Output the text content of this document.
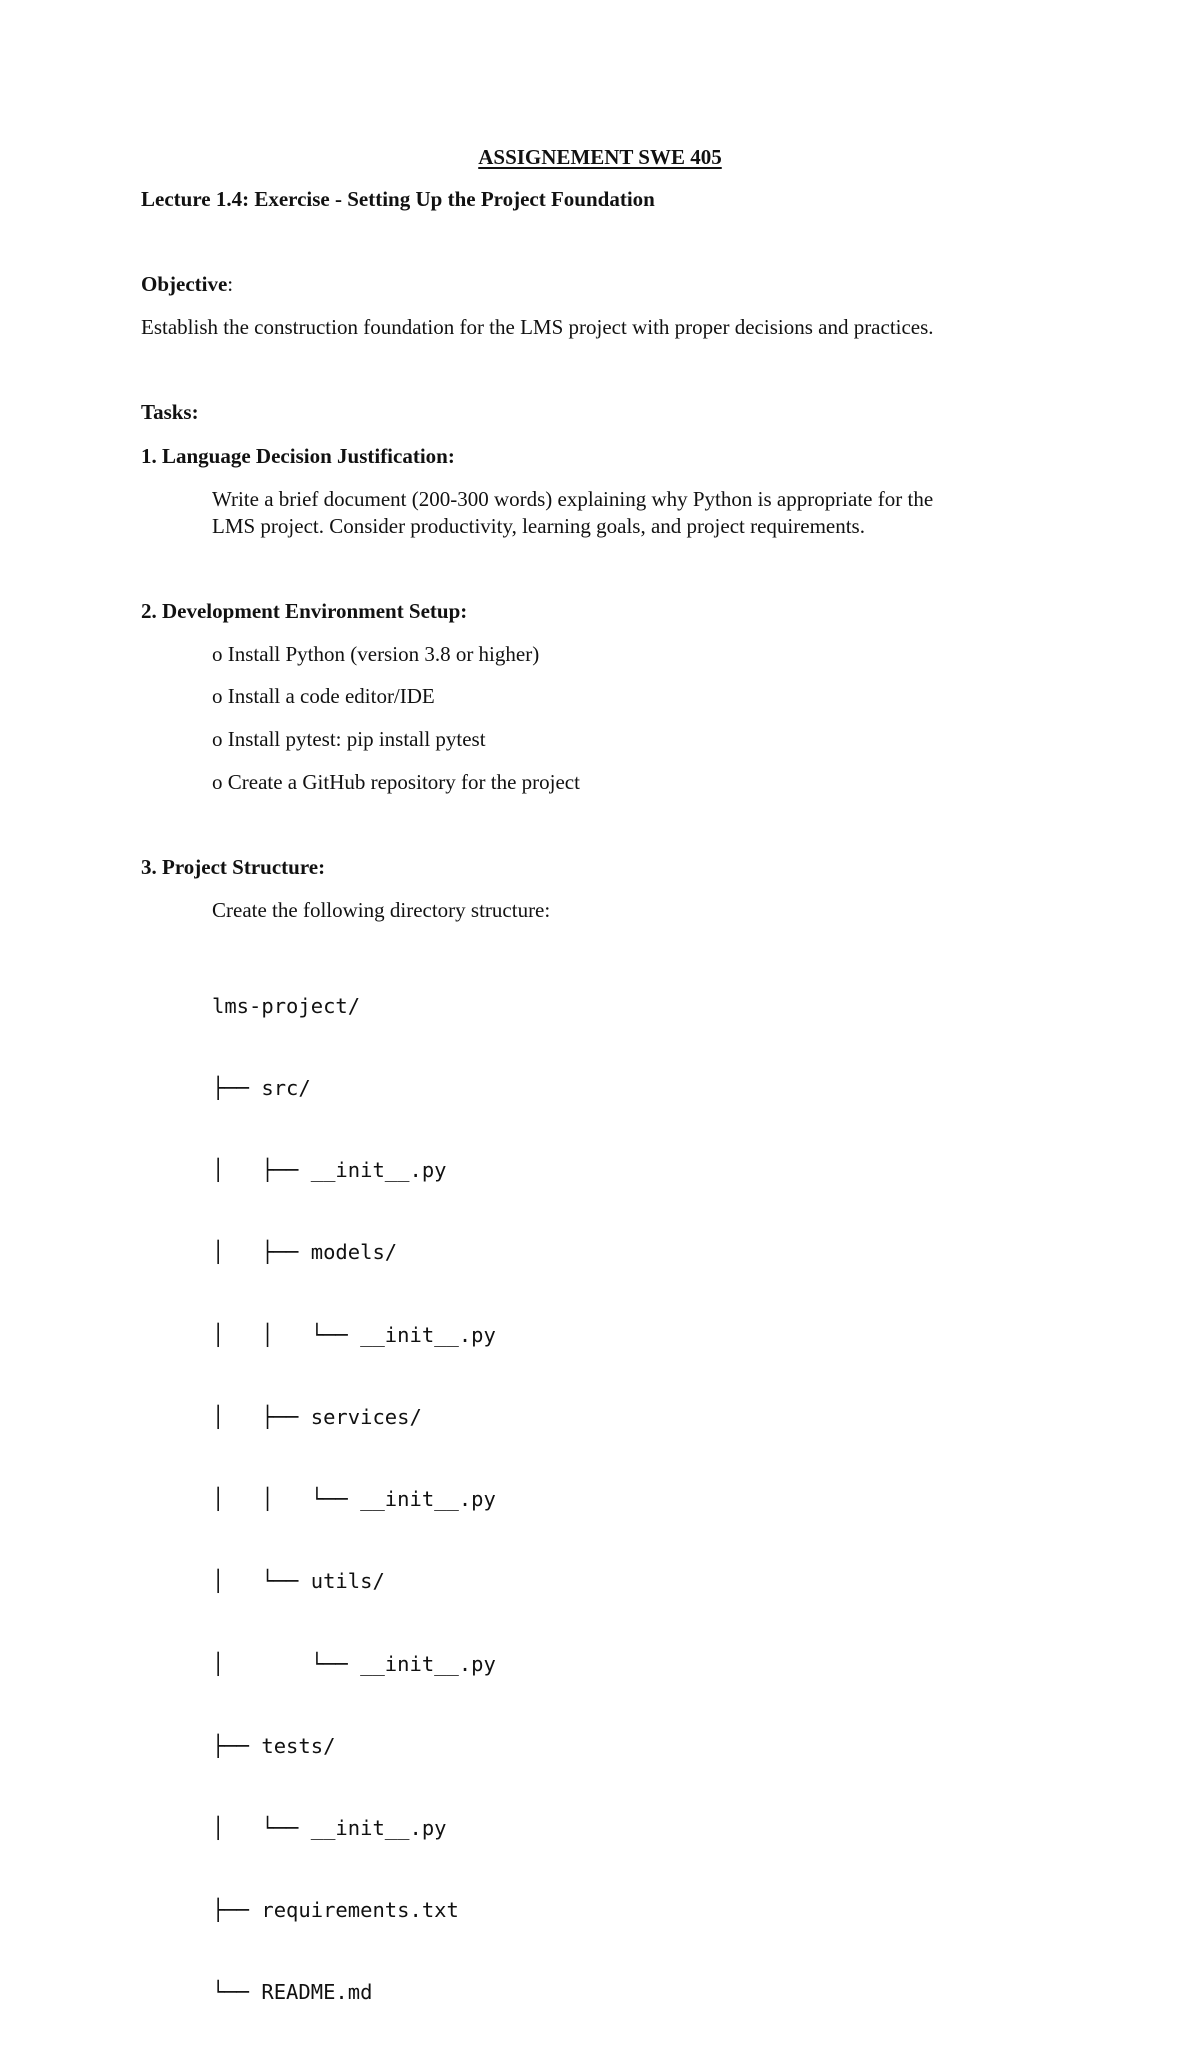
ASSIGNEMENT SWE 405
Lecture 1.4: Exercise - Setting Up the Project Foundation
Objective:
Establish the construction foundation for the LMS project with proper decisions and practices.
Tasks:
1. Language Decision Justification:
Write a brief document (200-300 words) explaining why Python is appropriate for the
LMS project. Consider productivity, learning goals, and project requirements.
2. Development Environment Setup:
o Install Python (version 3.8 or higher)
o Install a code editor/IDE
o Install pytest: pip install pytest
o Create a GitHub repository for the project
3. Project Structure:
Create the following directory structure:

lms-project/

├── src/

│   ├── __init__.py

│   ├── models/

│   │   └── __init__.py

│   ├── services/

│   │   └── __init__.py

│   └── utils/

│       └── __init__.py

├── tests/

│   └── __init__.py

├── requirements.txt

└── README.md
